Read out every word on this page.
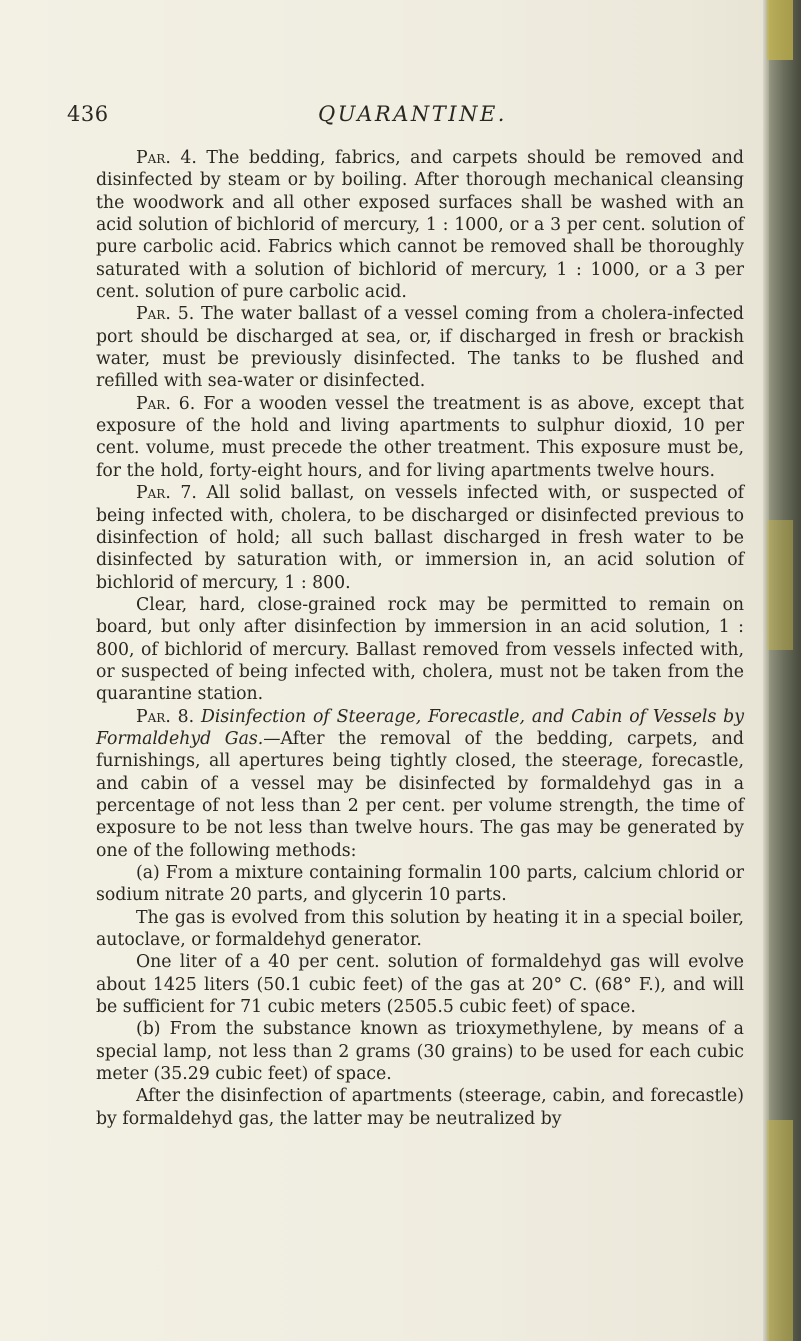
436	QUARANTINE.

Par. 4. The bedding, fabrics, and carpets should be removed and disinfected by steam or by boiling. After thorough mechanical cleansing the woodwork and all other exposed surfaces shall be washed with an acid solution of bichlorid of mercury, 1 : 1000, or a 3 per cent. solution of pure carbolic acid. Fabrics which cannot be removed shall be thoroughly saturated with a solution of bichlorid of mercury, 1 : 1000, or a 3 per cent. solution of pure carbolic acid.

Par. 5. The water ballast of a vessel coming from a cholera-infected port should be discharged at sea, or, if discharged in fresh or brackish water, must be previously disinfected. The tanks to be flushed and refilled with sea-water or disinfected.

Par. 6. For a wooden vessel the treatment is as above, except that exposure of the hold and living apartments to sulphur dioxid, 10 per cent. volume, must precede the other treatment. This exposure must be, for the hold, forty-eight hours, and for living apartments twelve hours.

Par. 7. All solid ballast, on vessels infected with, or suspected of being infected with, cholera, to be discharged or disinfected previous to disinfection of hold; all such ballast discharged in fresh water to be disinfected by saturation with, or immersion in, an acid solution of bichlorid of mercury, 1 : 800.

Clear, hard, close-grained rock may be permitted to remain on board, but only after disinfection by immersion in an acid solution, 1 : 800, of bichlorid of mercury. Ballast removed from vessels infected with, or suspected of being infected with, cholera, must not be taken from the quarantine station.

Par. 8. Disinfection of Steerage, Forecastle, and Cabin of Vessels by Formaldehyd Gas.—After the removal of the bedding, carpets, and furnishings, all apertures being tightly closed, the steerage, forecastle, and cabin of a vessel may be disinfected by formaldehyd gas in a percentage of not less than 2 per cent. per volume strength, the time of exposure to be not less than twelve hours. The gas may be generated by one of the following methods:

(a) From a mixture containing formalin 100 parts, calcium chlorid or sodium nitrate 20 parts, and glycerin 10 parts.

The gas is evolved from this solution by heating it in a special boiler, autoclave, or formaldehyd generator.

One liter of a 40 per cent. solution of formaldehyd gas will evolve about 1425 liters (50.1 cubic feet) of the gas at 20° C. (68° F.), and will be sufficient for 71 cubic meters (2505.5 cubic feet) of space.

(b) From the substance known as trioxymethylene, by means of a special lamp, not less than 2 grams (30 grains) to be used for each cubic meter (35.29 cubic feet) of space.

After the disinfection of apartments (steerage, cabin, and forecastle) by formaldehyd gas, the latter may be neutralized by
